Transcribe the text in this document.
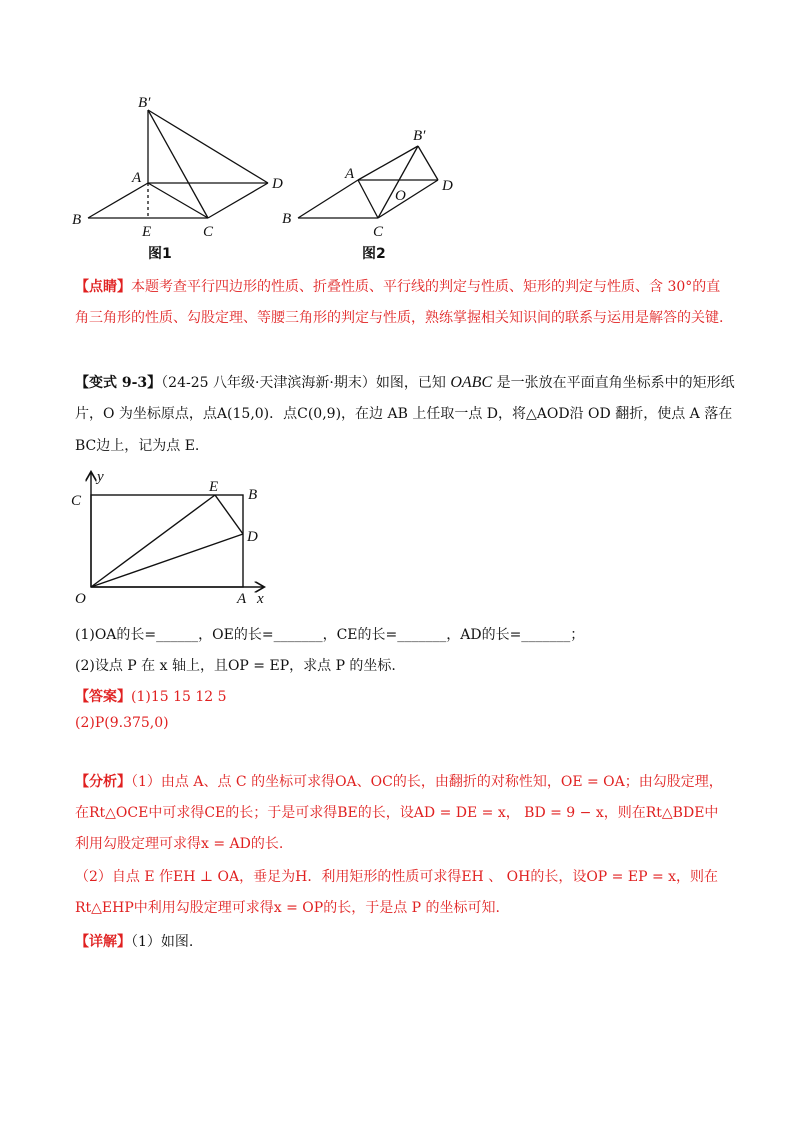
B′
A	D
B
E	C
图1
B′
A
O
D
B
C
图2
【点睛】本题考查平行四边形的性质、折叠性质、平行线的判定与性质、矩形的判定与性质、含 30°的直角三角形的性质、勾股定理、等腰三角形的判定与性质，熟练掌握相关知识间的联系与运用是解答的关键.
【变式 9-3】（24-25 八年级·天津滨海新·期末）如图，已知 OABC 是一张放在平面直角坐标系中的矩形纸
片，O 为坐标原点，点A(15,0)．点C(0,9)，在边 AB 上任取一点 D，将△AOD沿 OD 翻折，使点 A 落在
BC边上，记为点 E.
y
C
E B
D
O	A x
(1)OA的长=______，OE的长=_______，CE的长=_______，AD的长=_______；
(2)设点 P 在 x 轴上，且OP = EP，求点 P 的坐标.
【答案】(1)15 15 12 5
(2)P(9.375,0)
【分析】（1）由点 A、点 C 的坐标可求得OA、OC的长，由翻折的对称性知，OE = OA；由勾股定理，在Rt△OCE中可求得CE的长；于是可求得BE的长，设AD = DE = x， BD = 9 − x，则在Rt△BDE中利用勾股定理可求得x = AD的长.
（2）自点 E 作EH ⊥ OA，垂足为H．利用矩形的性质可求得EH 、 OH的长，设OP = EP = x，则在Rt△EHP中利用勾股定理可求得x = OP的长，于是点 P 的坐标可知.
【详解】（1）如图.
